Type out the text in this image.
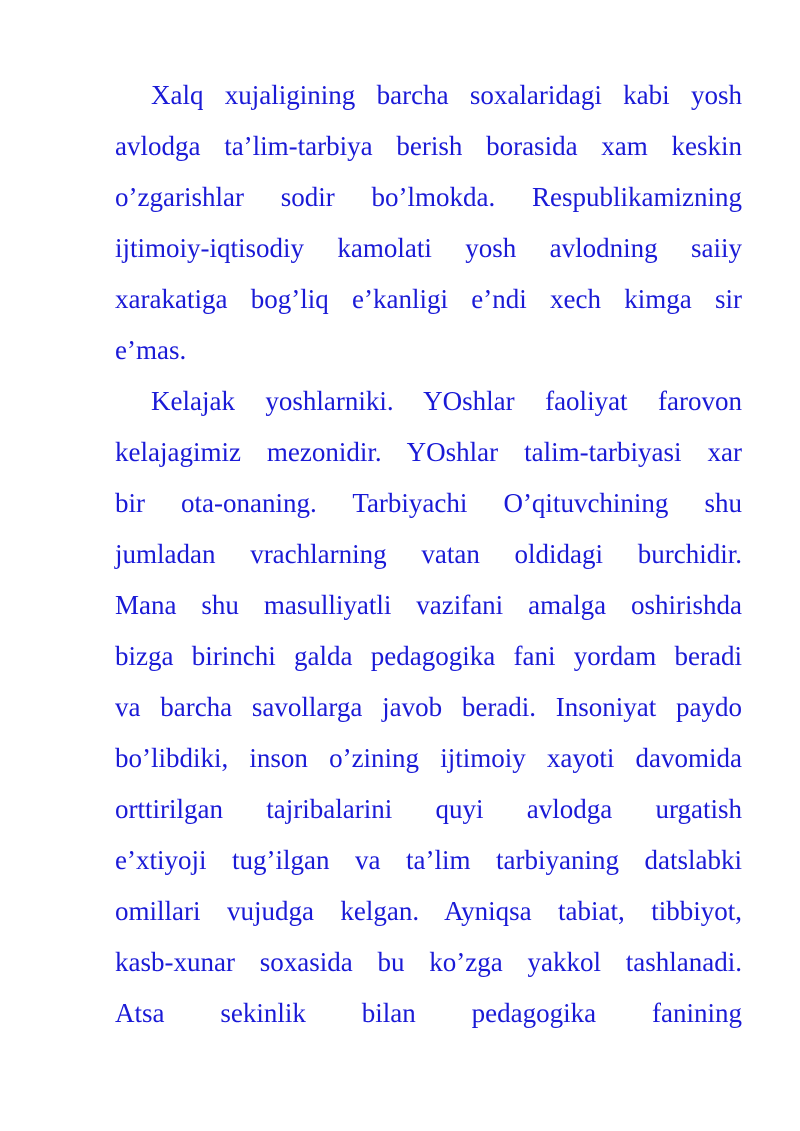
Xalq xujaligining barcha soxalaridagi kabi yosh
avlodga ta’lim-tarbiya berish borasida xam keskin
o’zgarishlar sodir bo’lmokda. Respublikamizning
ijtimoiy-iqtisodiy kamolati yosh avlodning saiiy
xarakatiga bog’liq e’kanligi e’ndi xech kimga sir
e’mas.
Kelajak yoshlarniki. YOshlar faoliyat farovon
kelajagimiz mezonidir. YOshlar talim-tarbiyasi xar
bir ota-onaning. Tarbiyachi O’qituvchining shu
jumladan vrachlarning vatan oldidagi burchidir.
Mana shu masulliyatli vazifani amalga oshirishda
bizga birinchi galda pedagogika fani yordam beradi
va barcha savollarga javob beradi. Insoniyat paydo
bo’libdiki, inson o’zining ijtimoiy xayoti davomida
orttirilgan tajribalarini quyi avlodga urgatish
e’xtiyoji tug’ilgan va ta’lim tarbiyaning datslabki
omillari vujudga kelgan. Ayniqsa tabiat, tibbiyot,
kasb-xunar soxasida bu ko’zga yakkol tashlanadi.
Atsa sekinlik bilan pedagogika fanining
